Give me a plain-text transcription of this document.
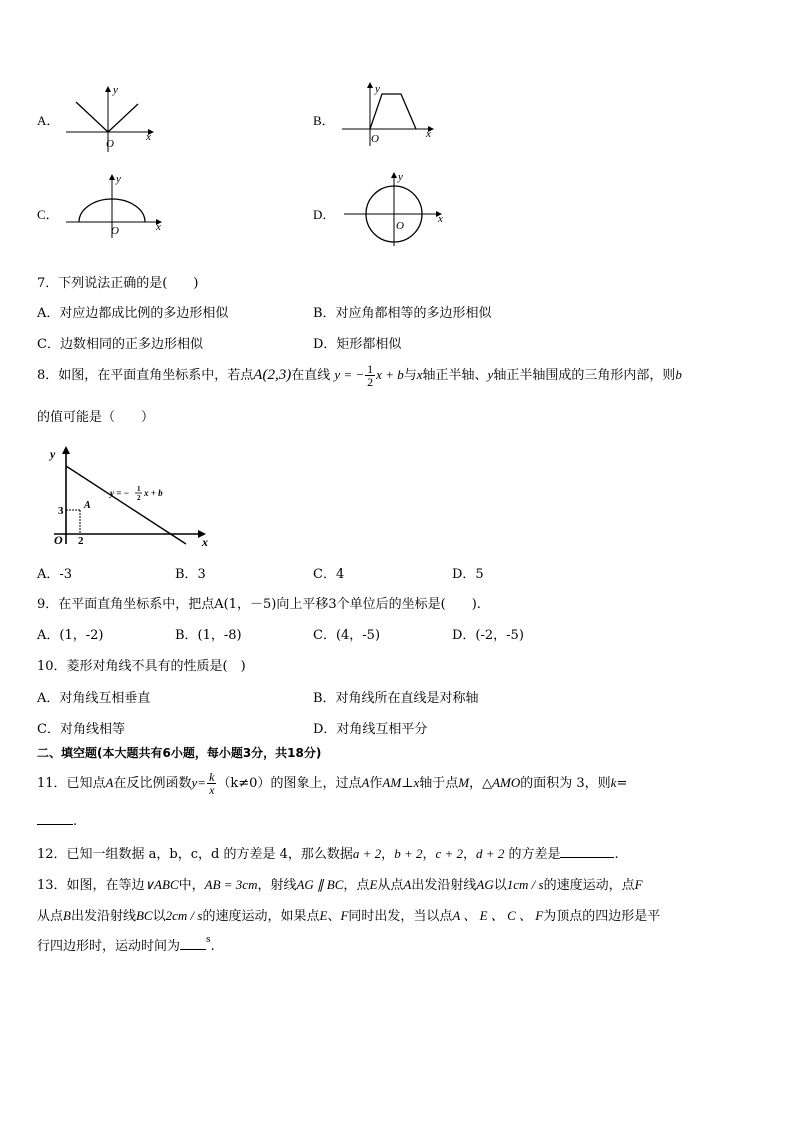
A．
y
x
O
B．
y
x
O
C．
y
x
O
D．
y
x
O
7．下列说法正确的是(　　)
A．对应边都成比例的多边形相似	B．对应角都相等的多边形相似
C．边数相同的正多边形相似	D．矩形都相似
8．如图，在平面直角坐标系中，若点A(2,3)在直线 y = − $\frac{1}{2}$ x + b与x轴正半轴、y轴正半轴围成的三角形内部，则b
的值可能是（　　）
y
x
O 2
3 A
y = − 1
2 x + b
A．-3	B．3	C．4	D．5
9．在平面直角坐标系中，把点A(1，－5)向上平移3个单位后的坐标是(　　).
A．(1，-2)	B．(1，-8)	C．(4，-5)	D．(-2，-5)
10．菱形对角线不具有的性质是(　)
A．对角线互相垂直	B．对角线所在直线是对称轴
C．对角线相等	D．对角线互相平分
二、填空题(本大题共有6小题，每小题3分，共18分)
11．已知点A在反比例函数$y= \frac{k}{x} (k\ne 0)$的图象上，过点A作AM⊥x轴于点M，△AMO的面积为 3，则k=
.
12．已知一组数据 a，b，c，d 的方差是 4，那么数据a + 2，b + 2，c + 2，d + 2 的方差是	.
13．如图，在等边∨ABC中，AB = 3cm，射线AG ∥ BC，点E从点A出发沿射线AG以1cm / s的速度运动，点F
从点B出发沿射线BC以2cm / s的速度运动，如果点E、F同时出发，当以点A 、 E 、 C 、 F为顶点的四边形是平
行四边形时，运动时间为	$^s$.
